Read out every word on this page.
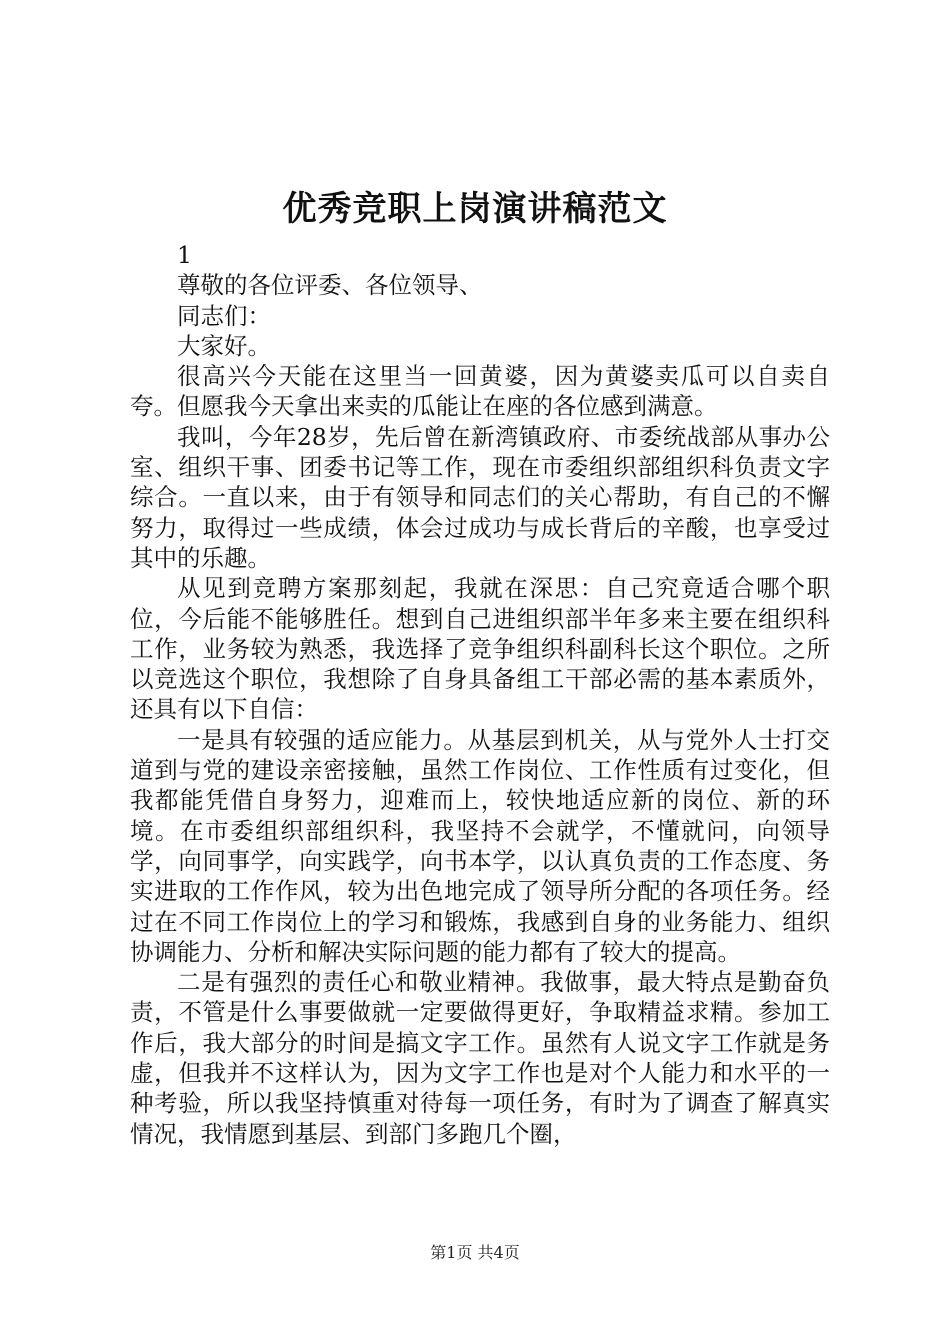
优秀竞职上岗演讲稿范文

1

尊敬的各位评委、各位领导、

同志们：

大家好。

很高兴今天能在这里当一回黄婆，因为黄婆卖瓜可以自卖自夸。但愿我今天拿出来卖的瓜能让在座的各位感到满意。

我叫，今年28岁，先后曾在新湾镇政府、市委统战部从事办公室、组织干事、团委书记等工作，现在市委组织部组织科负责文字综合。一直以来，由于有领导和同志们的关心帮助，有自己的不懈努力，取得过一些成绩，体会过成功与成长背后的辛酸，也享受过其中的乐趣。

从见到竞聘方案那刻起，我就在深思：自己究竟适合哪个职位，今后能不能够胜任。想到自己进组织部半年多来主要在组织科工作，业务较为熟悉，我选择了竞争组织科副科长这个职位。之所以竞选这个职位，我想除了自身具备组工干部必需的基本素质外，还具有以下自信：

一是具有较强的适应能力。从基层到机关，从与党外人士打交道到与党的建设亲密接触，虽然工作岗位、工作性质有过变化，但我都能凭借自身努力，迎难而上，较快地适应新的岗位、新的环境。在市委组织部组织科，我坚持不会就学，不懂就问，向领导学，向同事学，向实践学，向书本学，以认真负责的工作态度、务实进取的工作作风，较为出色地完成了领导所分配的各项任务。经过在不同工作岗位上的学习和锻炼，我感到自身的业务能力、组织协调能力、分析和解决实际问题的能力都有了较大的提高。

二是有强烈的责任心和敬业精神。我做事，最大特点是勤奋负责，不管是什么事要做就一定要做得更好，争取精益求精。参加工作后，我大部分的时间是搞文字工作。虽然有人说文字工作就是务虚，但我并不这样认为，因为文字工作也是对个人能力和水平的一种考验，所以我坚持慎重对待每一项任务，有时为了调查了解真实情况，我情愿到基层、到部门多跑几个圈，

第1页 共4页
